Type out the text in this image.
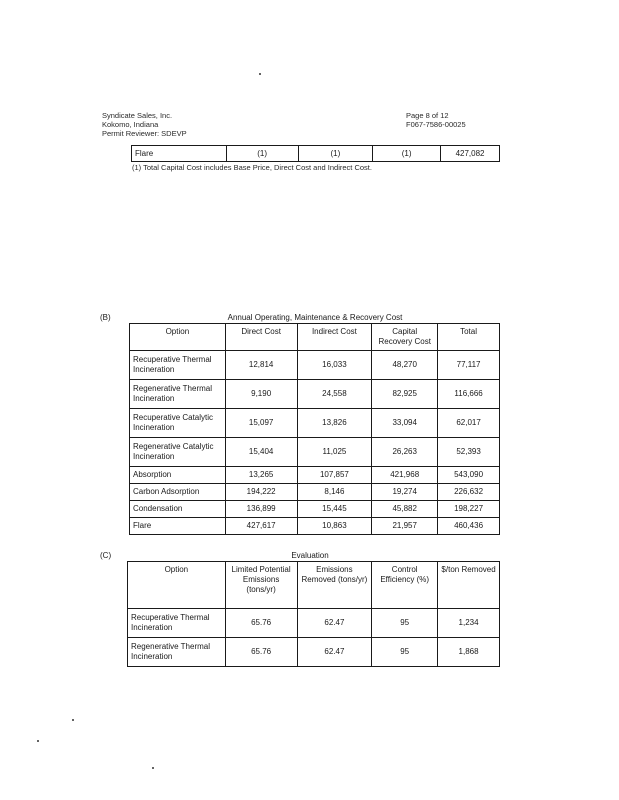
Syndicate Sales, Inc.
Kokomo, Indiana
Permit Reviewer: SDEVP
Page 8 of 12
F067-7586-00025
Flare	(1)	(1)	(1)	427,082
(1) Total Capital Cost includes Base Price, Direct Cost and Indirect Cost.
(B)	Annual Operating, Maintenance & Recovery Cost
Option	Direct Cost	Indirect Cost	Capital Recovery Cost	Total
Recuperative Thermal Incineration	12,814	16,033	48,270	77,117
Regenerative Thermal Incineration	9,190	24,558	82,925	116,666
Recuperative Catalytic Incineration	15,097	13,826	33,094	62,017
Regenerative Catalytic Incineration	15,404	11,025	26,263	52,393
Absorption	13,265	107,857	421,968	543,090
Carbon Adsorption	194,222	8,146	19,274	226,632
Condensation	136,899	15,445	45,882	198,227
Flare	427,617	10,863	21,957	460,436
(C)	Evaluation
Option	Limited Potential Emissions (tons/yr)	Emissions Removed (tons/yr)	Control Efficiency (%)	$/ton Removed
Recuperative Thermal Incineration	65.76	62.47	95	1,234
Regenerative Thermal Incineration	65.76	62.47	95	1,868
